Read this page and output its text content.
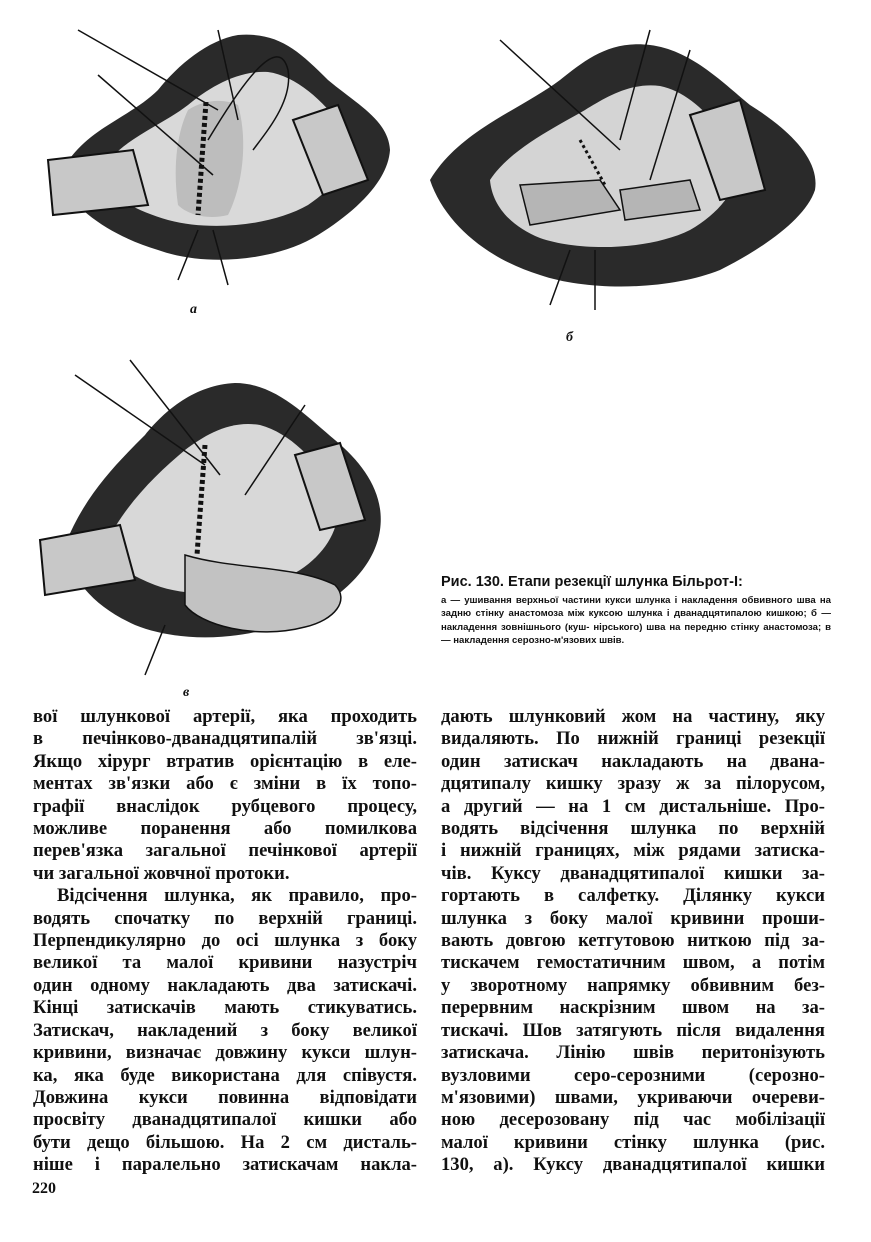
а
б
в

Рис. 130. Етапи резекції шлунка Більрот-І:

а — ушивання верхньої частини кукси шлунка і накладення обвивного шва на задню стінку анастомоза між куксою шлунка і дванадцятипалою кишкою; б — накладення зовнішнього (куш- нірського) шва на передню стінку анастомоза; в — накладення серозно-м'язових швів.

вої шлункової артерії, яка проходить

в печінково-дванадцятипалій зв'язці.

Якщо хірург втратив орієнтацію в еле-

ментах зв'язки або є зміни в їх топо-

графії внаслідок рубцевого процесу,

можливе поранення або помилкова

перев'язка загальної печінкової артерії

чи загальної жовчної протоки.

Відсічення шлунка, як правило, про-

водять спочатку по верхній границі.

Перпендикулярно до осі шлунка з боку

великої та малої кривини назустріч

один одному накладають два затискачі.

Кінці затискачів мають стикуватись.

Затискач, накладений з боку великої

кривини, визначає довжину кукси шлун-

ка, яка буде використана для співустя.

Довжина кукси повинна відповідати

просвіту дванадцятипалої кишки або

бути дещо більшою. На 2 см дисталь-

ніше і паралельно затискачам накла-

дають шлунковий жом на частину, яку

видаляють. По нижній границі резекції

один затискач накладають на двана-

дцятипалу кишку зразу ж за пілорусом,

а другий — на 1 см дистальніше. Про-

водять відсічення шлунка по верхній

і нижній границях, між рядами затиска-

чів. Куксу дванадцятипалої кишки за-

гортають в салфетку. Ділянку кукси

шлунка з боку малої кривини проши-

вають довгою кетгутовою ниткою під за-

тискачем гемостатичним швом, а потім

у зворотному напрямку обвивним без-

перервним наскрізним швом на за-

тискачі. Шов затягують після видалення

затискача. Лінію швів перитонізують

вузловими серо-серозними (серозно-

м'язовими) швами, укриваючи очереви-

ною десерозовану під час мобілізації

малої кривини стінку шлунка (рис.

130, а). Куксу дванадцятипалої кишки

220
